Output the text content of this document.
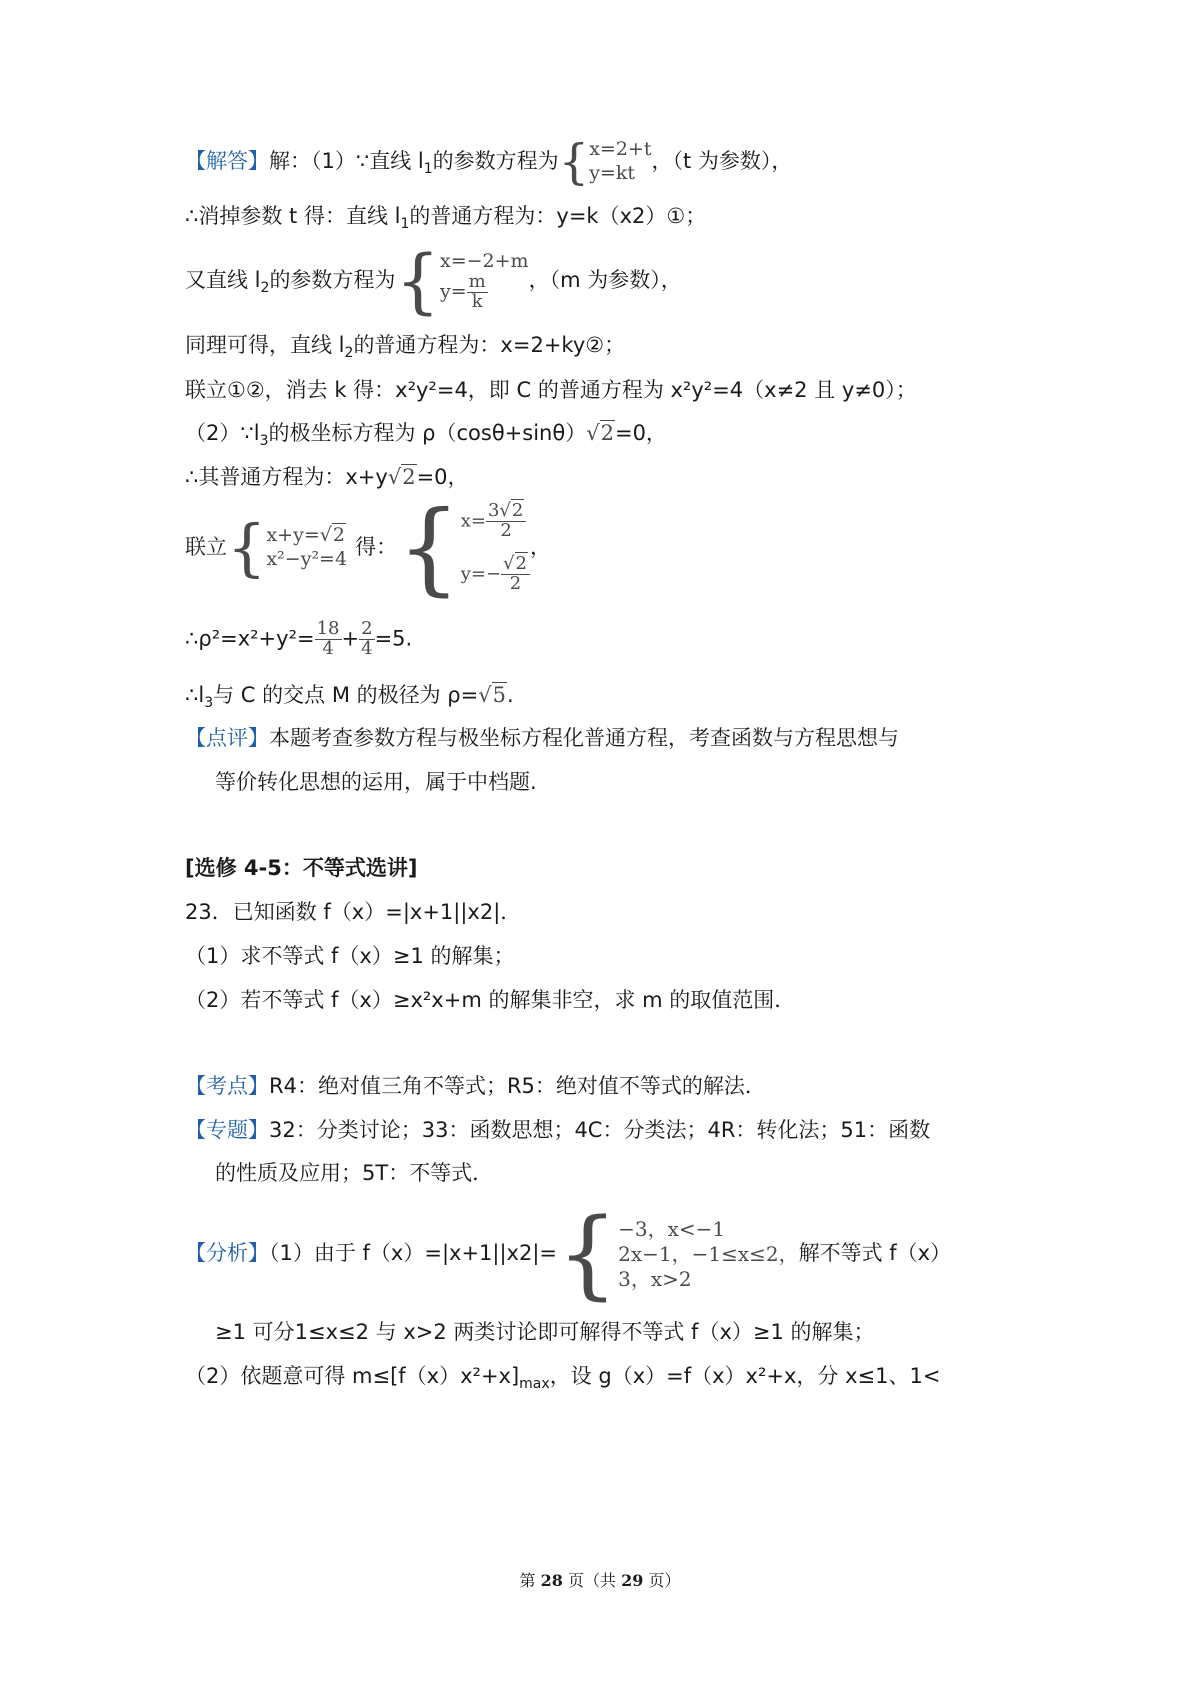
【解答】解：（1）∵直线 $l_1$的参数方程为{ x=2+t
y=kt ，（t 为参数），
∴消掉参数 t 得：直线 $l_1$的普通方程为：y=k（x⁢2）①；
又直线 $l_2$的参数方程为{ x=−2+m
$y= \frac{m}{k}$ ，（m 为参数），
同理可得，直线 $l_2$的普通方程为：x=⁢2+ky②；
联立①②，消去 k 得：x²⁢y²=4，即 C 的普通方程为 x²⁢y²=4（x≠2 且 y≠0）；
$(2)\because l_3$的极坐标方程为 ρ（cosθ+sinθ）⁢√2=0，
∴其普通方程为：x+y⁢√2=0，
联立{ x+y=√2
x²−y²=4 得：{ $x= \frac{3√2}{2}$
$y=- \frac{√2}{2}$
，
∴ρ²=x²+y²= $\frac{18}{4} + \frac{2}{4} =5$.
$\therefore l_3$与 C 的交点 M 的极径为 ρ=√5.
【点评】本题考查参数方程与极坐标方程化普通方程，考查函数与方程思想与
等价转化思想的运用，属于中档题.
[选修 4-5：不等式选讲]
23．已知函数 f（x）=|x+1|⁢|x⁢2|．
（1）求不等式 f（x）≥1 的解集；
（2）若不等式 f（x）≥x²⁢x+m 的解集非空，求 m 的取值范围．
【考点】R4：绝对值三角不等式；R5：绝对值不等式的解法．
【专题】32：分类讨论；33：函数思想；4C：分类法；4R：转化法；51：函数
的性质及应用；5T：不等式．
【分析】（1）由于 f（x）=|x+1|⁢|x⁢2|={ −3，x<−1
2x−1，−1≤x≤2，
3，x>2
解不等式 f（x）
≥1 可分⁢1≤x≤2 与 x>2 两类讨论即可解得不等式 f（x）≥1 的解集；
（2）依题意可得 $m\le[f(x)⁢x^2+x]_{max}$，设 g（x）=f（x）⁢x²+x，分 x≤1、⁢1<
第 28 页（共 29 页）
